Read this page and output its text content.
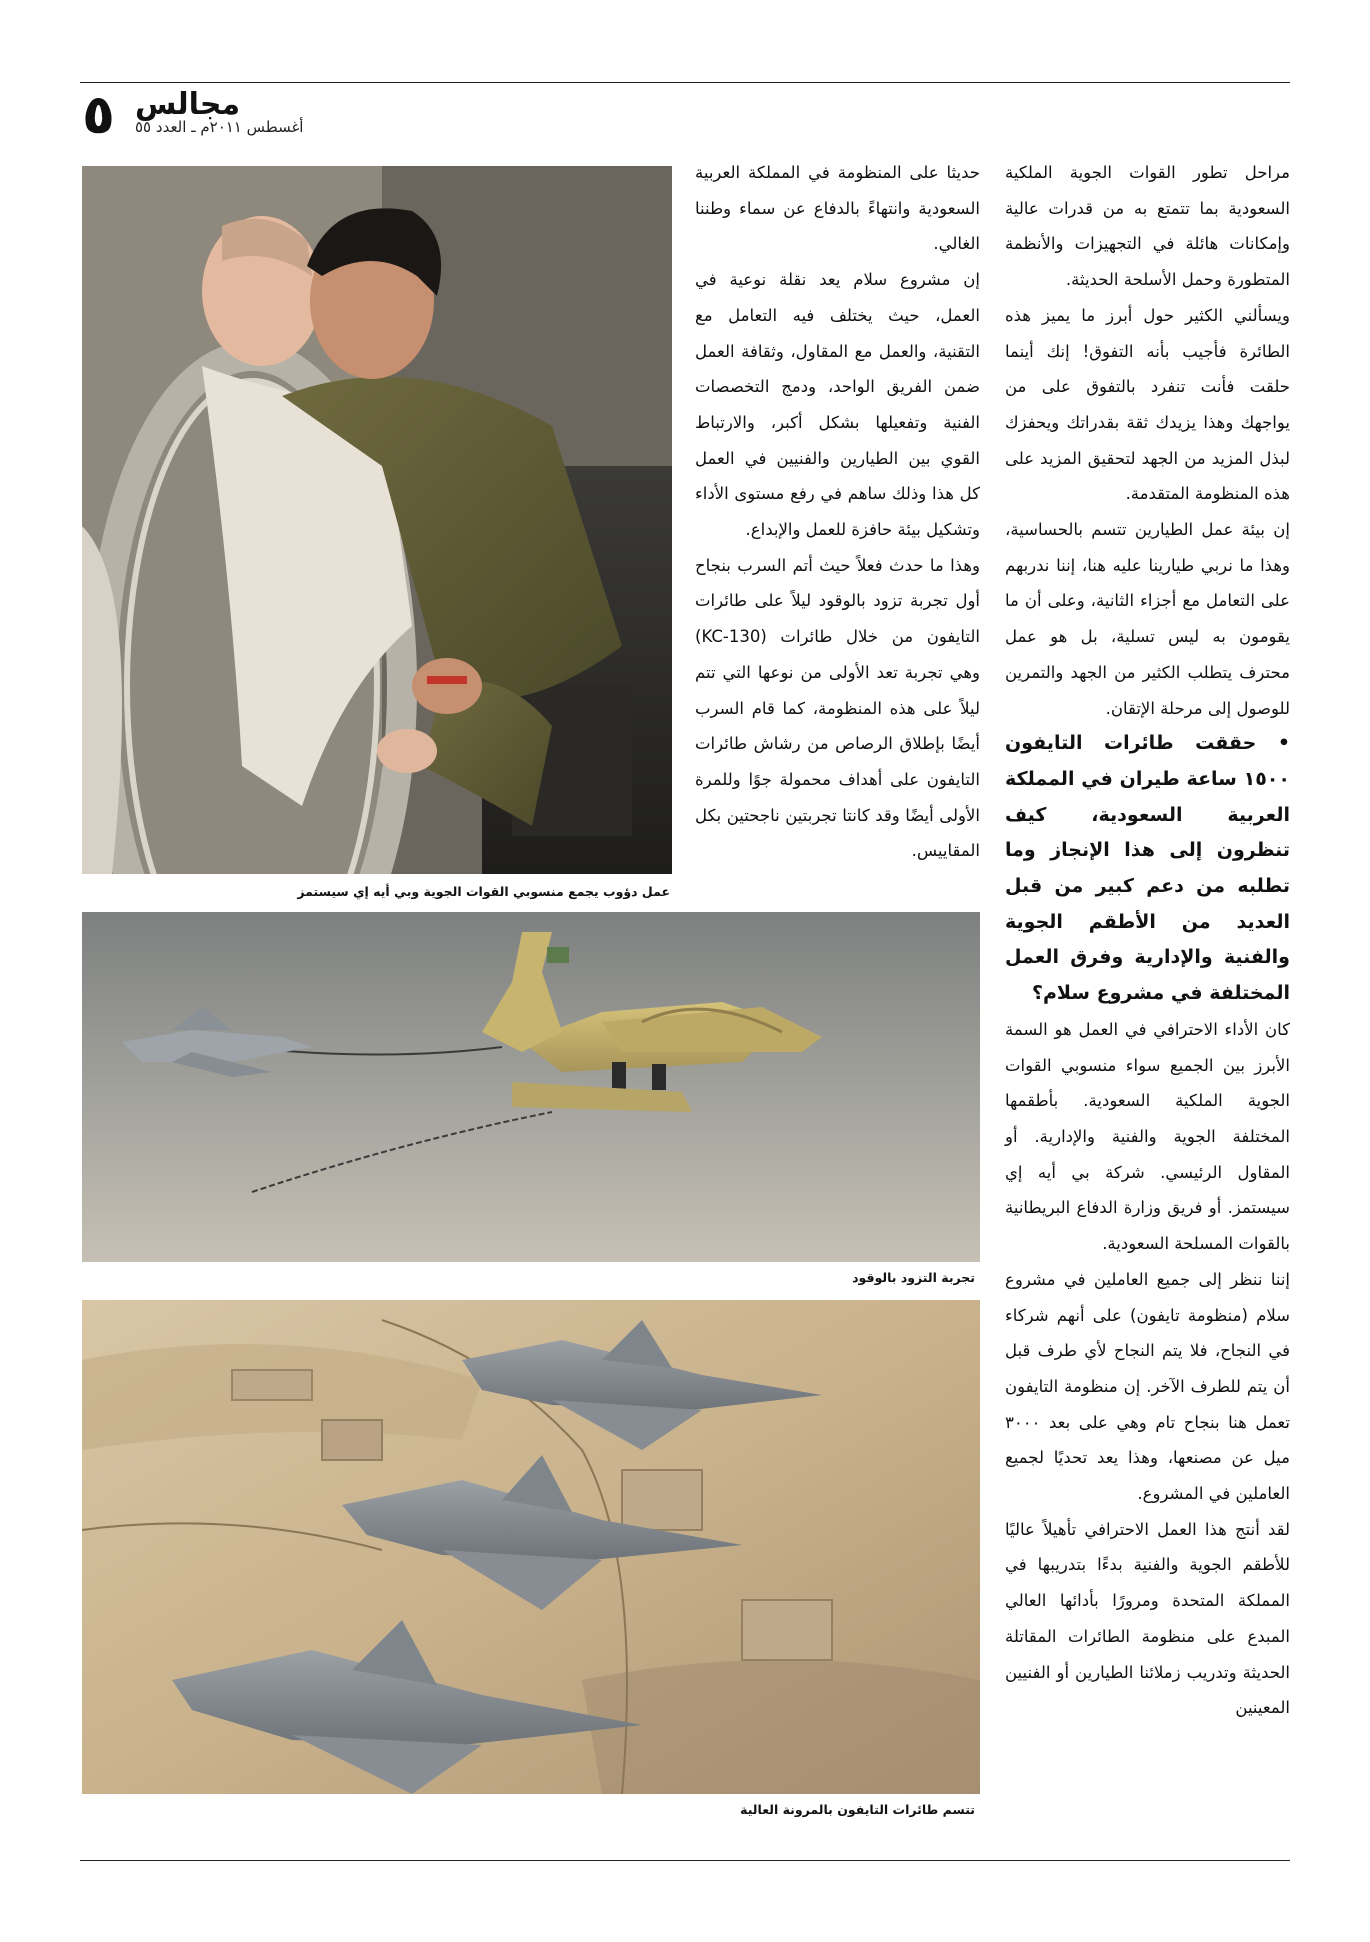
٥ مجالس
أغسطس ٢٠١١م ـ العدد ٥٥

مراحل تطور القوات الجوية الملكية السعودية بما تتمتع به من قدرات عالية وإمكانات هائلة في التجهيزات والأنظمة المتطورة وحمل الأسلحة الحديثة.

ويسألني الكثير حول أبرز ما يميز هذه الطائرة فأجيب بأنه التفوق! إنك أينما حلقت فأنت تنفرد بالتفوق على من يواجهك وهذا يزيدك ثقة بقدراتك ويحفزك لبذل المزيد من الجهد لتحقيق المزيد على هذه المنظومة المتقدمة.

إن بيئة عمل الطيارين تتسم بالحساسية، وهذا ما نربي طيارينا عليه هنا، إننا ندربهم على التعامل مع أجزاء الثانية، وعلى أن ما يقومون به ليس تسلية، بل هو عمل محترف يتطلب الكثير من الجهد والتمرين للوصول إلى مرحلة الإتقان.

• حققت طائرات التايفون ١٥٠٠ ساعة طيران في المملكة العربية السعودية، كيف تنظرون إلى هذا الإنجاز وما تطلبه من دعم كبير من قبل العديد من الأطقم الجوية والفنية والإدارية وفرق العمل المختلفة في مشروع سلام؟

كان الأداء الاحترافي في العمل هو السمة الأبرز بين الجميع سواء منسوبي القوات الجوية الملكية السعودية. بأطقمها المختلفة الجوية والفنية والإدارية. أو المقاول الرئيسي. شركة بي أيه إي سيستمز. أو فريق وزارة الدفاع البريطانية بالقوات المسلحة السعودية.

إننا ننظر إلى جميع العاملين في مشروع سلام (منظومة تايفون) على أنهم شركاء في النجاح، فلا يتم النجاح لأي طرف قبل أن يتم للطرف الآخر. إن منظومة التايفون تعمل هنا بنجاح تام وهي على بعد ٣٠٠٠ ميل عن مصنعها، وهذا يعد تحديًا لجميع العاملين في المشروع.

لقد أنتج هذا العمل الاحترافي تأهيلاً عاليًا للأطقم الجوية والفنية بدءًا بتدريبها في المملكة المتحدة ومرورًا بأدائها العالي المبدع على منظومة الطائرات المقاتلة الحديثة وتدريب زملائنا الطيارين أو الفنيين المعينين

حديثا على المنظومة في المملكة العربية السعودية وانتهاءً بالدفاع عن سماء وطننا الغالي.

إن مشروع سلام يعد نقلة نوعية في العمل، حيث يختلف فيه التعامل مع التقنية، والعمل مع المقاول، وثقافة العمل ضمن الفريق الواحد، ودمج التخصصات الفنية وتفعيلها بشكل أكبر، والارتباط القوي بين الطيارين والفنيين في العمل كل هذا وذلك ساهم في رفع مستوى الأداء وتشكيل بيئة حافزة للعمل والإبداع.

وهذا ما حدث فعلاً حيث أتم السرب بنجاح أول تجربة تزود بالوقود ليلاً على طائرات التايفون من خلال طائرات (KC-130) وهي تجربة تعد الأولى من نوعها التي تتم ليلاً على هذه المنظومة، كما قام السرب أيضًا بإطلاق الرصاص من رشاش طائرات التايفون على أهداف محمولة جوًا وللمرة الأولى أيضًا وقد كانتا تجربتين ناجحتين بكل المقاييس.

عمل دؤوب يجمع منسوبي القوات الجوية وبي أيه إي سيستمز
تجربة التزود بالوقود
تتسم طائرات التايفون بالمرونة العالية
